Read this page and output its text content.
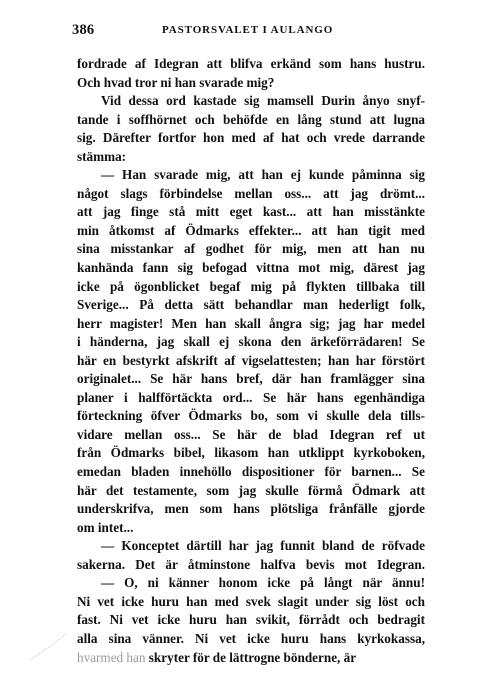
386	PASTORSVALET I AULANGO
fordrade af Idegran att blifva erkänd som hans hustru.
Och hvad tror ni han svarade mig?
Vid dessa ord kastade sig mamsell Durin ånyo snyf-
tande i soffhörnet och behöfde en lång stund att lugna
sig. Därefter fortfor hon med af hat och vrede darrande
stämma:
— Han svarade mig, att han ej kunde påminna sig
något slags förbindelse mellan oss... att jag drömt...
att jag finge stå mitt eget kast... att han misstänkte
min åtkomst af Ödmarks effekter... att han tigit med
sina misstankar af godhet för mig, men att han nu
kanhända fann sig befogad vittna mot mig, därest jag
icke på ögonblicket begaf mig på flykten tillbaka till
Sverige... På detta sätt behandlar man hederligt folk,
herr magister! Men han skall ångra sig; jag har medel
i händerna, jag skall ej skona den ärkeförrädaren! Se
här en bestyrkt afskrift af vigselattesten; han har förstört
originalet... Se här hans bref, där han framlägger sina
planer i halfförtäckta ord... Se här hans egenhändiga
förteckning öfver Ödmarks bo, som vi skulle dela tills-
vidare mellan oss... Se här de blad Idegran ref ut
från Ödmarks bibel, likasom han utklippt kyrkoboken,
emedan bladen innehöllo dispositioner för barnen... Se
här det testamente, som jag skulle förmå Ödmark att
underskrifva, men som hans plötsliga frånfälle gjorde
om intet...
— Konceptet därtill har jag funnit bland de röfvade
sakerna. Det är åtminstone halfva bevis mot Idegran.
— O, ni känner honom icke på långt när ännu!
Ni vet icke huru han med svek slagit under sig löst och
fast. Ni vet icke huru han svikit, förrådt och bedragit
alla sina vänner. Ni vet icke huru hans kyrkokassa,
hvarmed han skryter för de lättrogne bönderne, är
